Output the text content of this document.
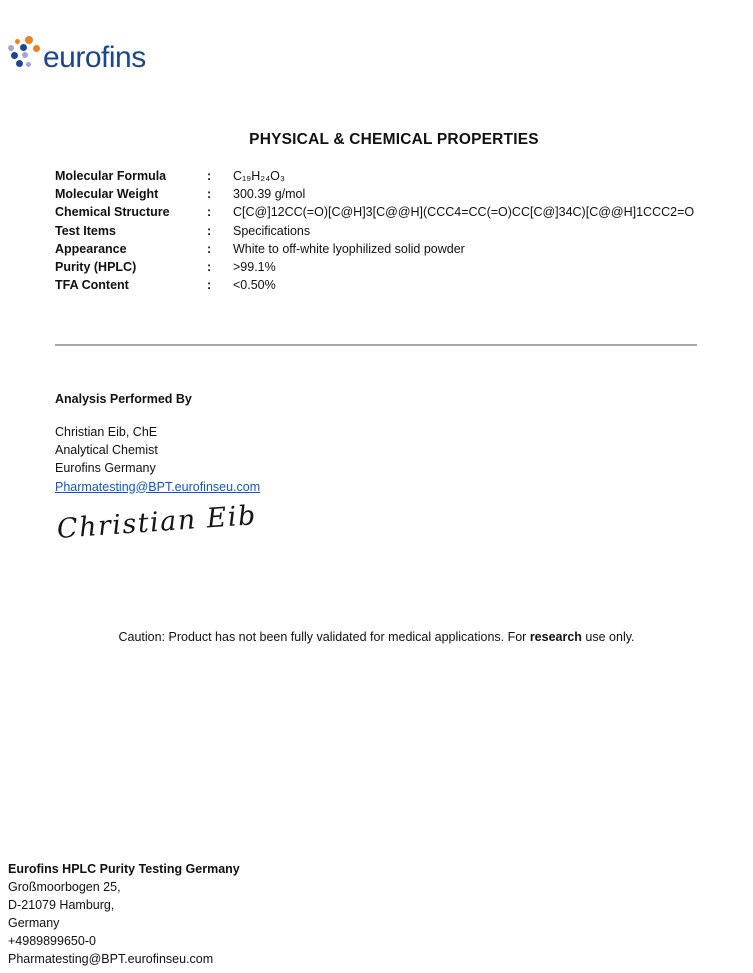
eurofins
PHYSICAL & CHEMICAL PROPERTIES
Molecular Formula	:	C₁₉H₂₄O₃
Molecular Weight	:	300.39 g/mol
Chemical Structure	:	C[C@]12CC(=O)[C@H]3[C@@H](CCC4=CC(=O)CC[C@]34C)[C@@H]1CCC2=O
Test Items	:	Specifications
Appearance	:	White to off-white lyophilized solid powder
Purity (HPLC)	:	>99.1%
TFA Content	:	<0.50%
Analysis Performed By
Christian Eib, ChE
Analytical Chemist
Eurofins Germany
Pharmatesting@BPT.eurofinseu.com
Christian Eib
Caution: Product has not been fully validated for medical applications. For research use only.
Eurofins HPLC Purity Testing Germany
Großmoorbogen 25,
D-21079 Hamburg,
Germany
+4989899650-0
Pharmatesting@BPT.eurofinseu.com
